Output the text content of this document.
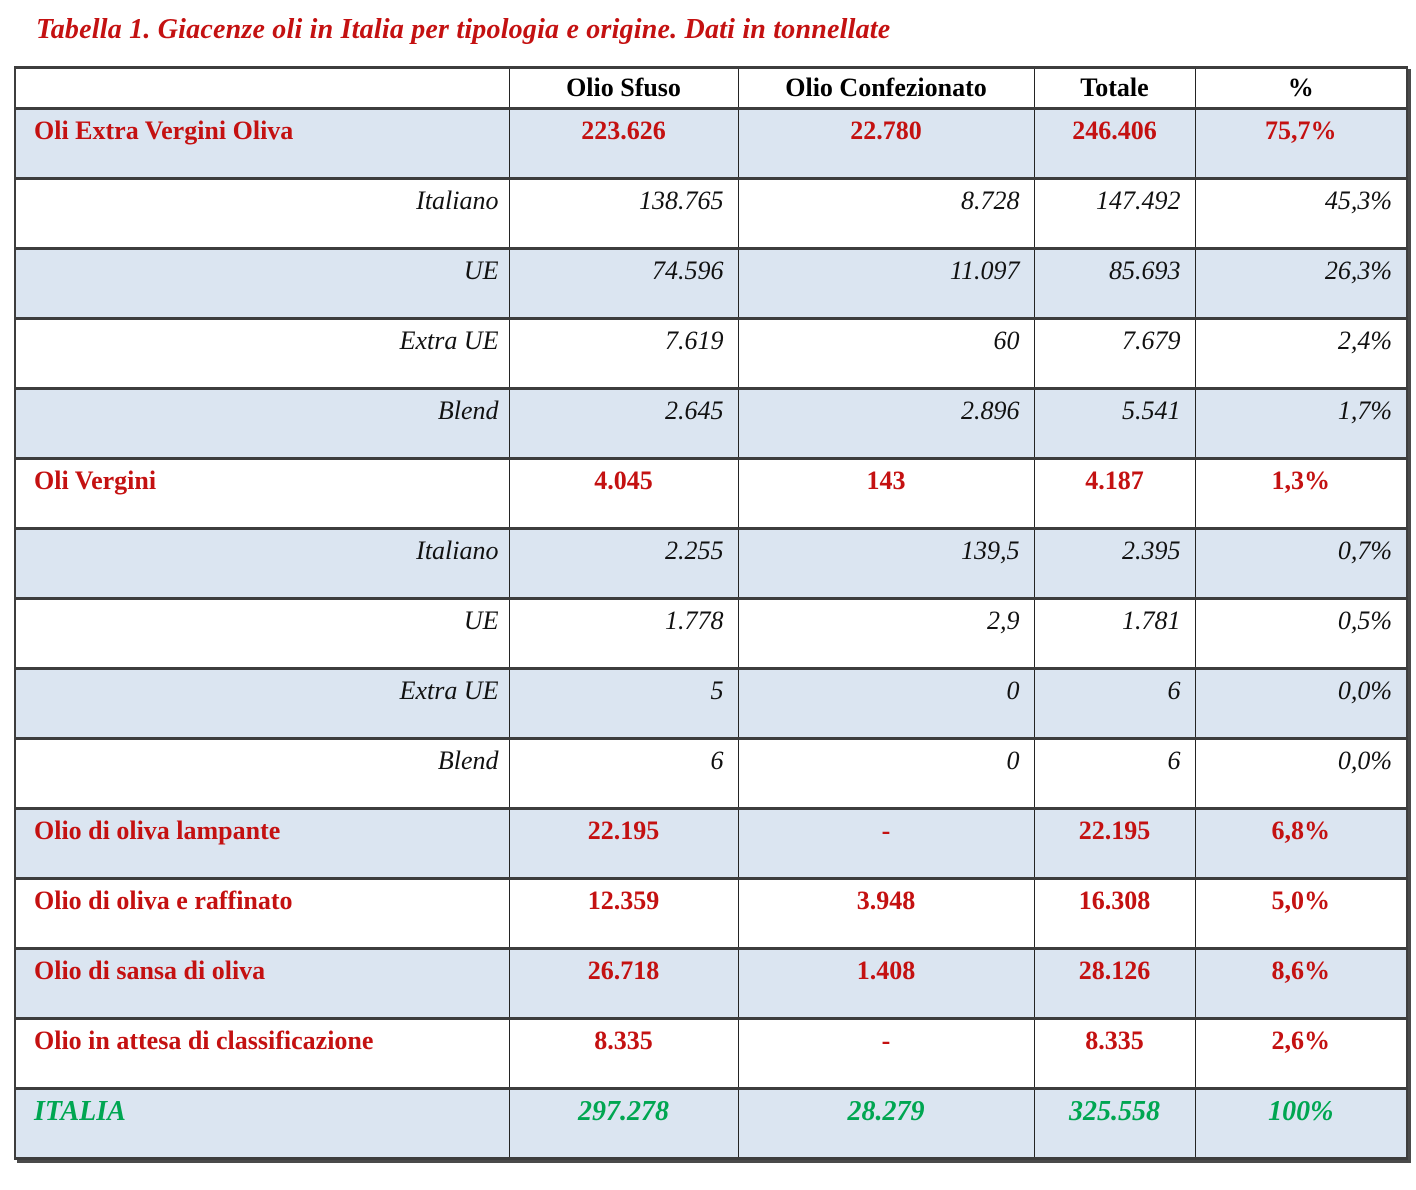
Tabella 1. Giacenze oli in Italia per tipologia e origine. Dati in tonnellate
	Olio Sfuso	Olio Confezionato	Totale	%
Oli Extra Vergini Oliva	223.626	22.780	246.406	75,7%
Italiano	138.765	8.728	147.492	45,3%
UE	74.596	11.097	85.693	26,3%
Extra UE	7.619	60	7.679	2,4%
Blend	2.645	2.896	5.541	1,7%
Oli Vergini	4.045	143	4.187	1,3%
Italiano	2.255	139,5	2.395	0,7%
UE	1.778	2,9	1.781	0,5%
Extra UE	5	0	6	0,0%
Blend	6	0	6	0,0%
Olio di oliva lampante	22.195	-	22.195	6,8%
Olio di oliva e raffinato	12.359	3.948	16.308	5,0%
Olio di sansa di oliva	26.718	1.408	28.126	8,6%
Olio in attesa di classificazione	8.335	-	8.335	2,6%
ITALIA	297.278	28.279	325.558	100%
